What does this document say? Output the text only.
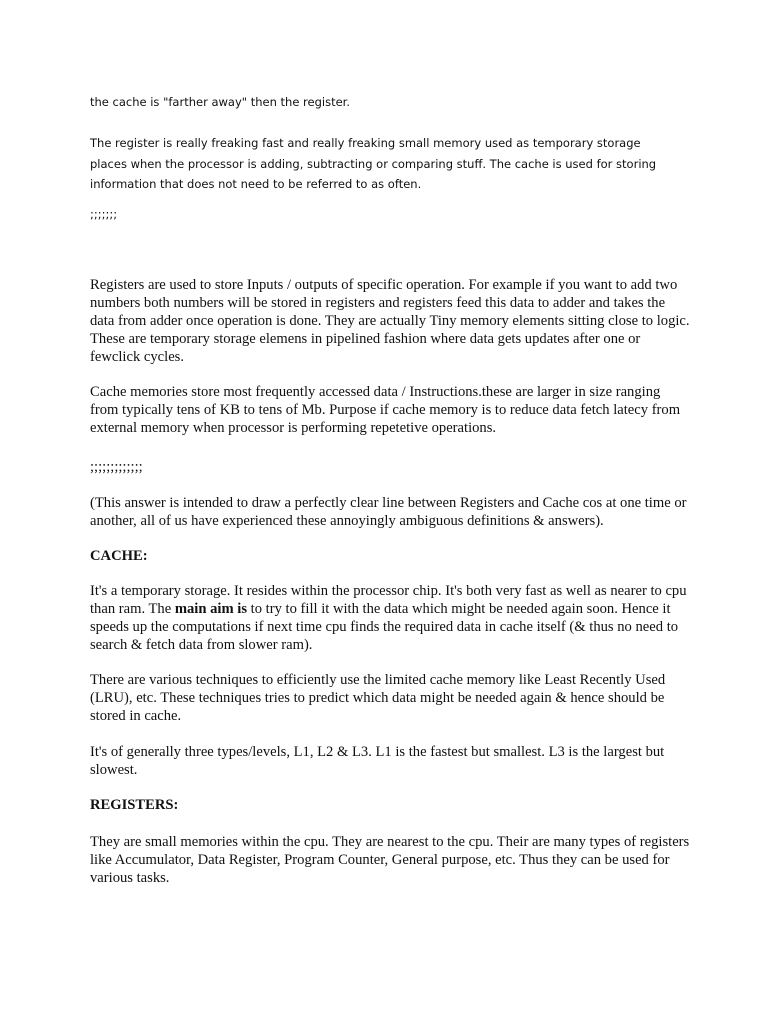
the cache is "farther away" then the register.

The register is really freaking fast and really freaking small memory used as temporary storage places when the processor is adding, subtracting or comparing stuff. The cache is used for storing information that does not need to be referred to as often.

;;;;;;;

Registers are used to store Inputs / outputs of specific operation. For example if you want to add two numbers both numbers will be stored in registers and registers feed this data to adder and takes the data from adder once operation is done. They are actually Tiny memory elements sitting close to logic. These are temporary storage elemens in pipelined fashion where data gets updates after one or fewclick cycles.

Cache memories store most frequently accessed data / Instructions.these are larger in size ranging from typically tens of KB to tens of Mb. Purpose if cache memory is to reduce data fetch latecy from external memory when processor is performing repetetive operations.

;;;;;;;;;;;;;

(This answer is intended to draw a perfectly clear line between Registers and Cache cos at one time or another, all of us have experienced these annoyingly ambiguous definitions & answers).

CACHE:

It's a temporary storage. It resides within the processor chip. It's both very fast as well as nearer to cpu than ram. The main aim is to try to fill it with the data which might be needed again soon. Hence it speeds up the computations if next time cpu finds the required data in cache itself (& thus no need to search & fetch data from slower ram).

There are various techniques to efficiently use the limited cache memory like Least Recently Used (LRU), etc. These techniques tries to predict which data might be needed again & hence should be stored in cache.

It's of generally three types/levels, L1, L2 & L3. L1 is the fastest but smallest. L3 is the largest but slowest.

REGISTERS:

They are small memories within the cpu. They are nearest to the cpu. Their are many types of registers like Accumulator, Data Register, Program Counter, General purpose, etc. Thus they can be used for various tasks.
